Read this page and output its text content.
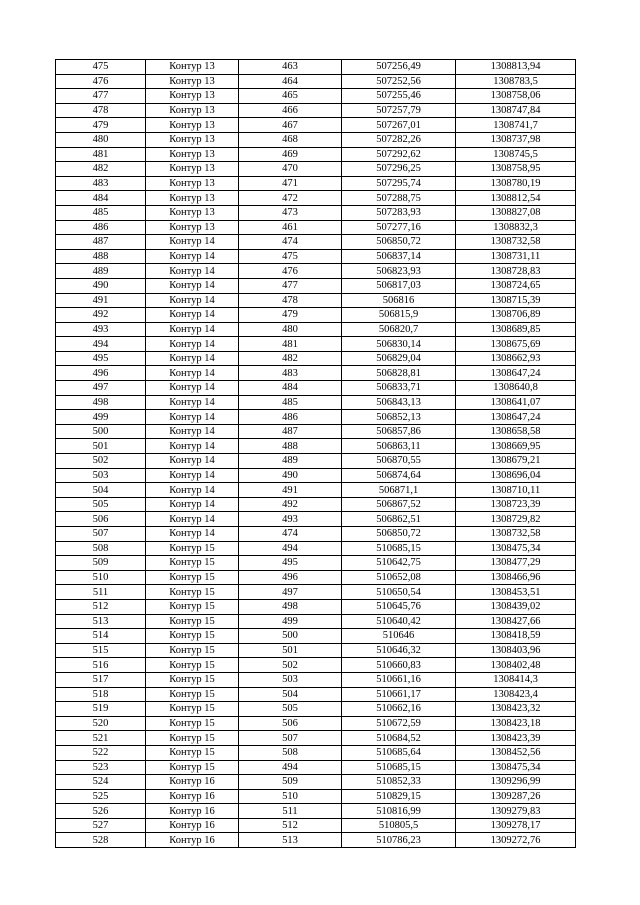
475	Контур 13	463	507256,49	1308813,94
476	Контур 13	464	507252,56	1308783,5
477	Контур 13	465	507255,46	1308758,06
478	Контур 13	466	507257,79	1308747,84
479	Контур 13	467	507267,01	1308741,7
480	Контур 13	468	507282,26	1308737,98
481	Контур 13	469	507292,62	1308745,5
482	Контур 13	470	507296,25	1308758,95
483	Контур 13	471	507295,74	1308780,19
484	Контур 13	472	507288,75	1308812,54
485	Контур 13	473	507283,93	1308827,08
486	Контур 13	461	507277,16	1308832,3
487	Контур 14	474	506850,72	1308732,58
488	Контур 14	475	506837,14	1308731,11
489	Контур 14	476	506823,93	1308728,83
490	Контур 14	477	506817,03	1308724,65
491	Контур 14	478	506816	1308715,39
492	Контур 14	479	506815,9	1308706,89
493	Контур 14	480	506820,7	1308689,85
494	Контур 14	481	506830,14	1308675,69
495	Контур 14	482	506829,04	1308662,93
496	Контур 14	483	506828,81	1308647,24
497	Контур 14	484	506833,71	1308640,8
498	Контур 14	485	506843,13	1308641,07
499	Контур 14	486	506852,13	1308647,24
500	Контур 14	487	506857,86	1308658,58
501	Контур 14	488	506863,11	1308669,95
502	Контур 14	489	506870,55	1308679,21
503	Контур 14	490	506874,64	1308696,04
504	Контур 14	491	506871,1	1308710,11
505	Контур 14	492	506867,52	1308723,39
506	Контур 14	493	506862,51	1308729,82
507	Контур 14	474	506850,72	1308732,58
508	Контур 15	494	510685,15	1308475,34
509	Контур 15	495	510642,75	1308477,29
510	Контур 15	496	510652,08	1308466,96
511	Контур 15	497	510650,54	1308453,51
512	Контур 15	498	510645,76	1308439,02
513	Контур 15	499	510640,42	1308427,66
514	Контур 15	500	510646	1308418,59
515	Контур 15	501	510646,32	1308403,96
516	Контур 15	502	510660,83	1308402,48
517	Контур 15	503	510661,16	1308414,3
518	Контур 15	504	510661,17	1308423,4
519	Контур 15	505	510662,16	1308423,32
520	Контур 15	506	510672,59	1308423,18
521	Контур 15	507	510684,52	1308423,39
522	Контур 15	508	510685,64	1308452,56
523	Контур 15	494	510685,15	1308475,34
524	Контур 16	509	510852,33	1309296,99
525	Контур 16	510	510829,15	1309287,26
526	Контур 16	511	510816,99	1309279,83
527	Контур 16	512	510805,5	1309278,17
528	Контур 16	513	510786,23	1309272,76
